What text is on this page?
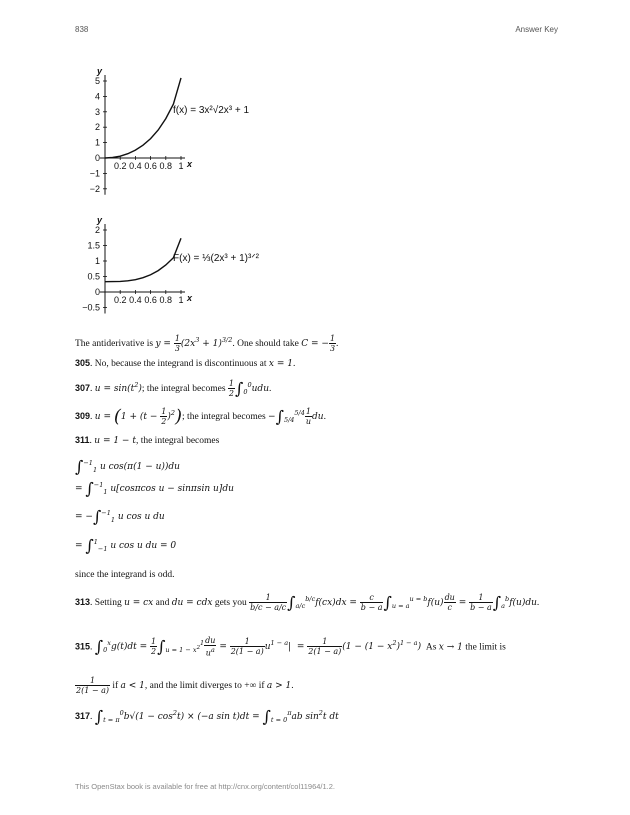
838	Answer Key
y
x
0.2 0.4 0.6 0.8 1
5
4
3
2
1
0
−1
−2
f(x) = 3x²√2x³ + 1
y
x
0.2 0.4 0.6 0.8 1
2
1.5
1
0.5
0
−0.5
F(x) = ⅓(2x³ + 1)³ᐟ²
The antiderivative is $y = \frac{1}{3} (2x^3 + 1)^{3/2}$. One should take C = − $\frac{1}{3}$ .
305. No, because the integrand is discontinuous at x = 1.
307. $u = \sin(t^2)$; the integral becomes $\frac{1}{2} \int_0^0udu$.
309. $u = (1 + (t - \frac{1}{2} )^2)$; the integral becomes $-\int_{5/4}^{5/4} \frac{1}{u}$ du.
311. u = 1 − t, the integral becomes
∫$^{-1}_1$ u cos(π(1 − u))du
= ∫$^{-1}_1$ u[cosπcos u − sinπsin u]du
= −∫$^{-1}_1$ u cos u du
= ∫$^1_{-1}$ u cos u du = 0
since the integrand is odd.
313. Setting u = cx and du = cdx gets you $\frac{1}{b/c - a/c} \int_{a/c}^{b/c}f(cx)dx = \frac{c}{b - a} \int_{u = a}^{u = b}f(u) \frac{du}{c} = \frac{1}{b - a} \int_a^bf(u)du$.
315. $\int_0^xg(t)dt = \frac{1}{2} \int_{u = 1 - x^2}^1 \frac{du}{u^a} = \frac{1}{2(1 - a)} u^{1 - a}| = \frac{1}{2(1 - a)} (1 - (1 - x^2)^{1 - a})$ As x → 1 the limit is
$\frac{1}{2(1 - a)}$ if a < 1, and the limit diverges to +∞ if a > 1.
317. $\int_{t = \pi}^0b√(1 - \cos^2t) \times (-a$ $\sin t)dt = \int_{t = 0}^\pi ab$ $\sin^2t$ dt
This OpenStax book is available for free at http://cnx.org/content/col11964/1.2.
